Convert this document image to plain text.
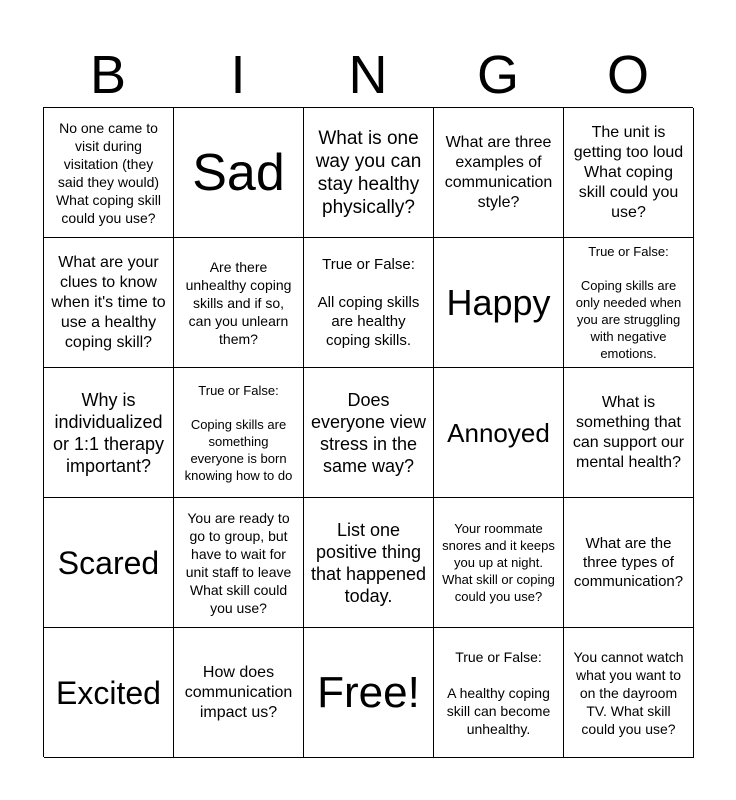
B	I	N	G	O
No one came to visit during visitation (they said they would) What coping skill could you use?
Sad
What is one way you can stay healthy physically?
What are three examples of communication style?
The unit is getting too loud What coping skill could you use?
What are your clues to know when it's time to use a healthy coping skill?
Are there unhealthy coping skills and if so, can you unlearn them?
True or False:

All coping skills are healthy coping skills.
Happy
True or False:

Coping skills are only needed when you are struggling with negative emotions.
Why is individualized or 1:1 therapy important?
True or False:

Coping skills are something everyone is born knowing how to do
Does everyone view stress in the same way?
Annoyed
What is something that can support our mental health?
Scared
You are ready to go to group, but have to wait for unit staff to leave What skill could you use?
List one positive thing that happened today.
Your roommate snores and it keeps you up at night.
What skill or coping could you use?
What are the three types of communication?
Excited
How does communication impact us? Free!
True or False:

A healthy coping skill can become unhealthy.
You cannot watch what you want to on the dayroom TV. What skill could you use?
